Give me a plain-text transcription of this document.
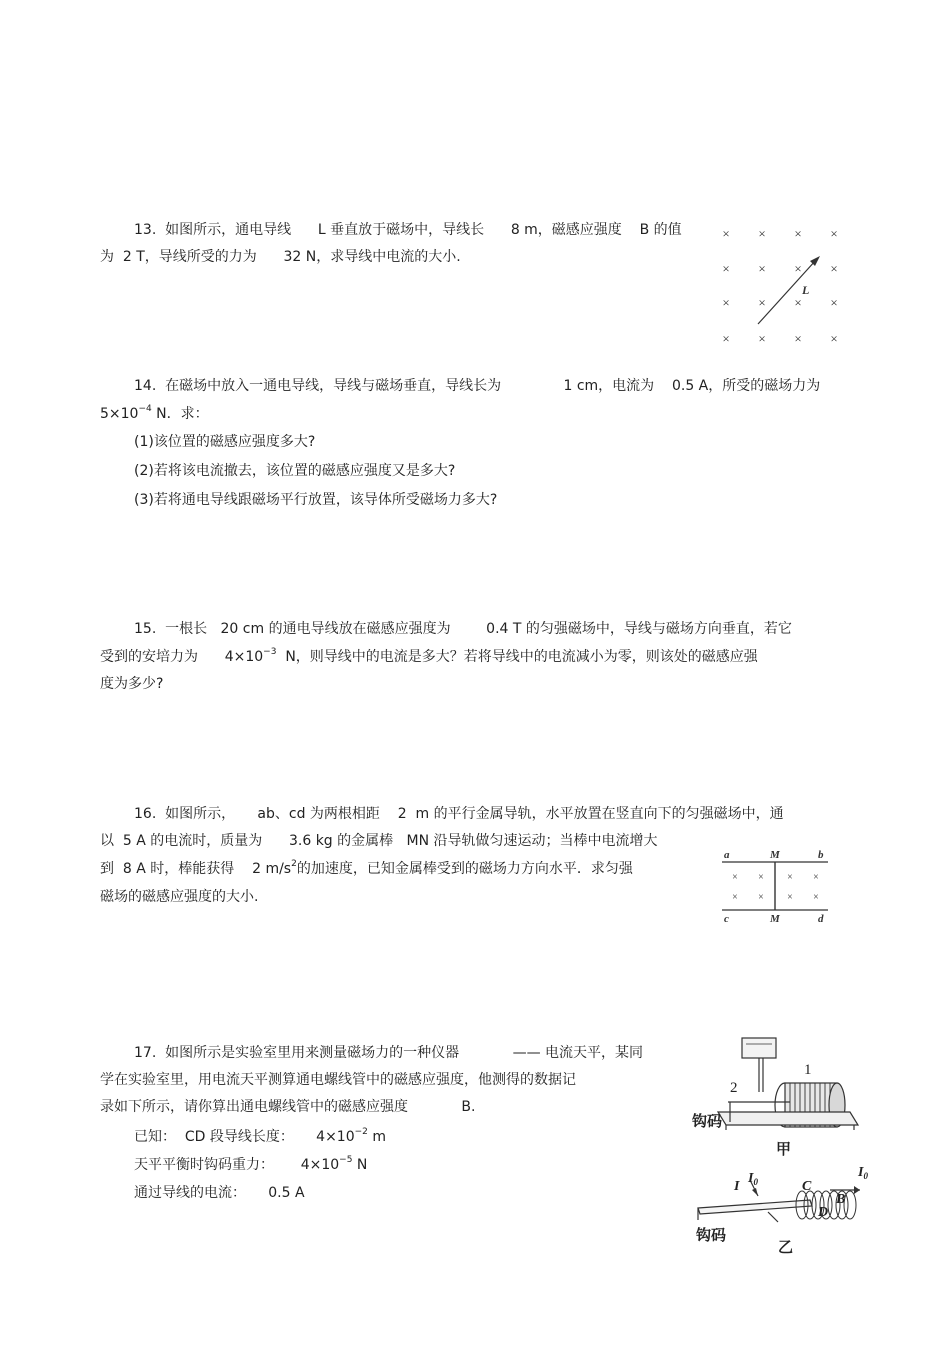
13.  如图所示，通电导线      L 垂直放于磁场中，导线长      8 m，磁感应强度    B 的值
为  2 T，导线所受的力为      32 N，求导线中电流的大小.
× × × ×
× × × ×
× × × ×
× × × ×
L
14.  在磁场中放入一通电导线，导线与磁场垂直，导线长为              1 cm，电流为    0.5 A，所受的磁场力为
$5\times 10^{-4}$ N．求：
(1)该位置的磁感应强度多大?
(2)若将该电流撤去，该位置的磁感应强度又是多大?
(3)若将通电导线跟磁场平行放置，该导体所受磁场力多大?
15.  一根长   20 cm 的通电导线放在磁感应强度为        0.4 T 的匀强磁场中，导线与磁场方向垂直，若它
受到的安培力为      $4\times 10^{-3}$  N，则导线中的电流是多大？若将导线中的电流减小为零，则该处的磁感应强
度为多少?
16.  如图所示，     ab、cd 为两根相距    2  m 的平行金属导轨，水平放置在竖直向下的匀强磁场中，通
以  5 A 的电流时，质量为      3.6 kg 的金属棒   MN 沿导轨做匀速运动；当棒中电流增大
到  8 A 时，棒能获得    2 $m/s^2$的加速度，已知金属棒受到的磁场力方向水平．求匀强
磁场的磁感应强度的大小.
a	M	b
c	M	d
× × × ×
× × × ×
17.  如图所示是实验室里用来测量磁场力的一种仪器            —— 电流天平，某同
学在实验室里，用电流天平测算通电螺线管中的磁感应强度，他测得的数据记
录如下所示，请你算出通电螺线管中的磁感应强度            B.
已知：  CD 段导线长度：     $4\times 10^{-2}$ m
天平平衡时钩码重力：      $4\times 10^{-5}$ N
通过导线的电流：     0.5 A
1
2
钩码
甲
I
$I_0$	C
B
D
$I_0$
钩码
乙
